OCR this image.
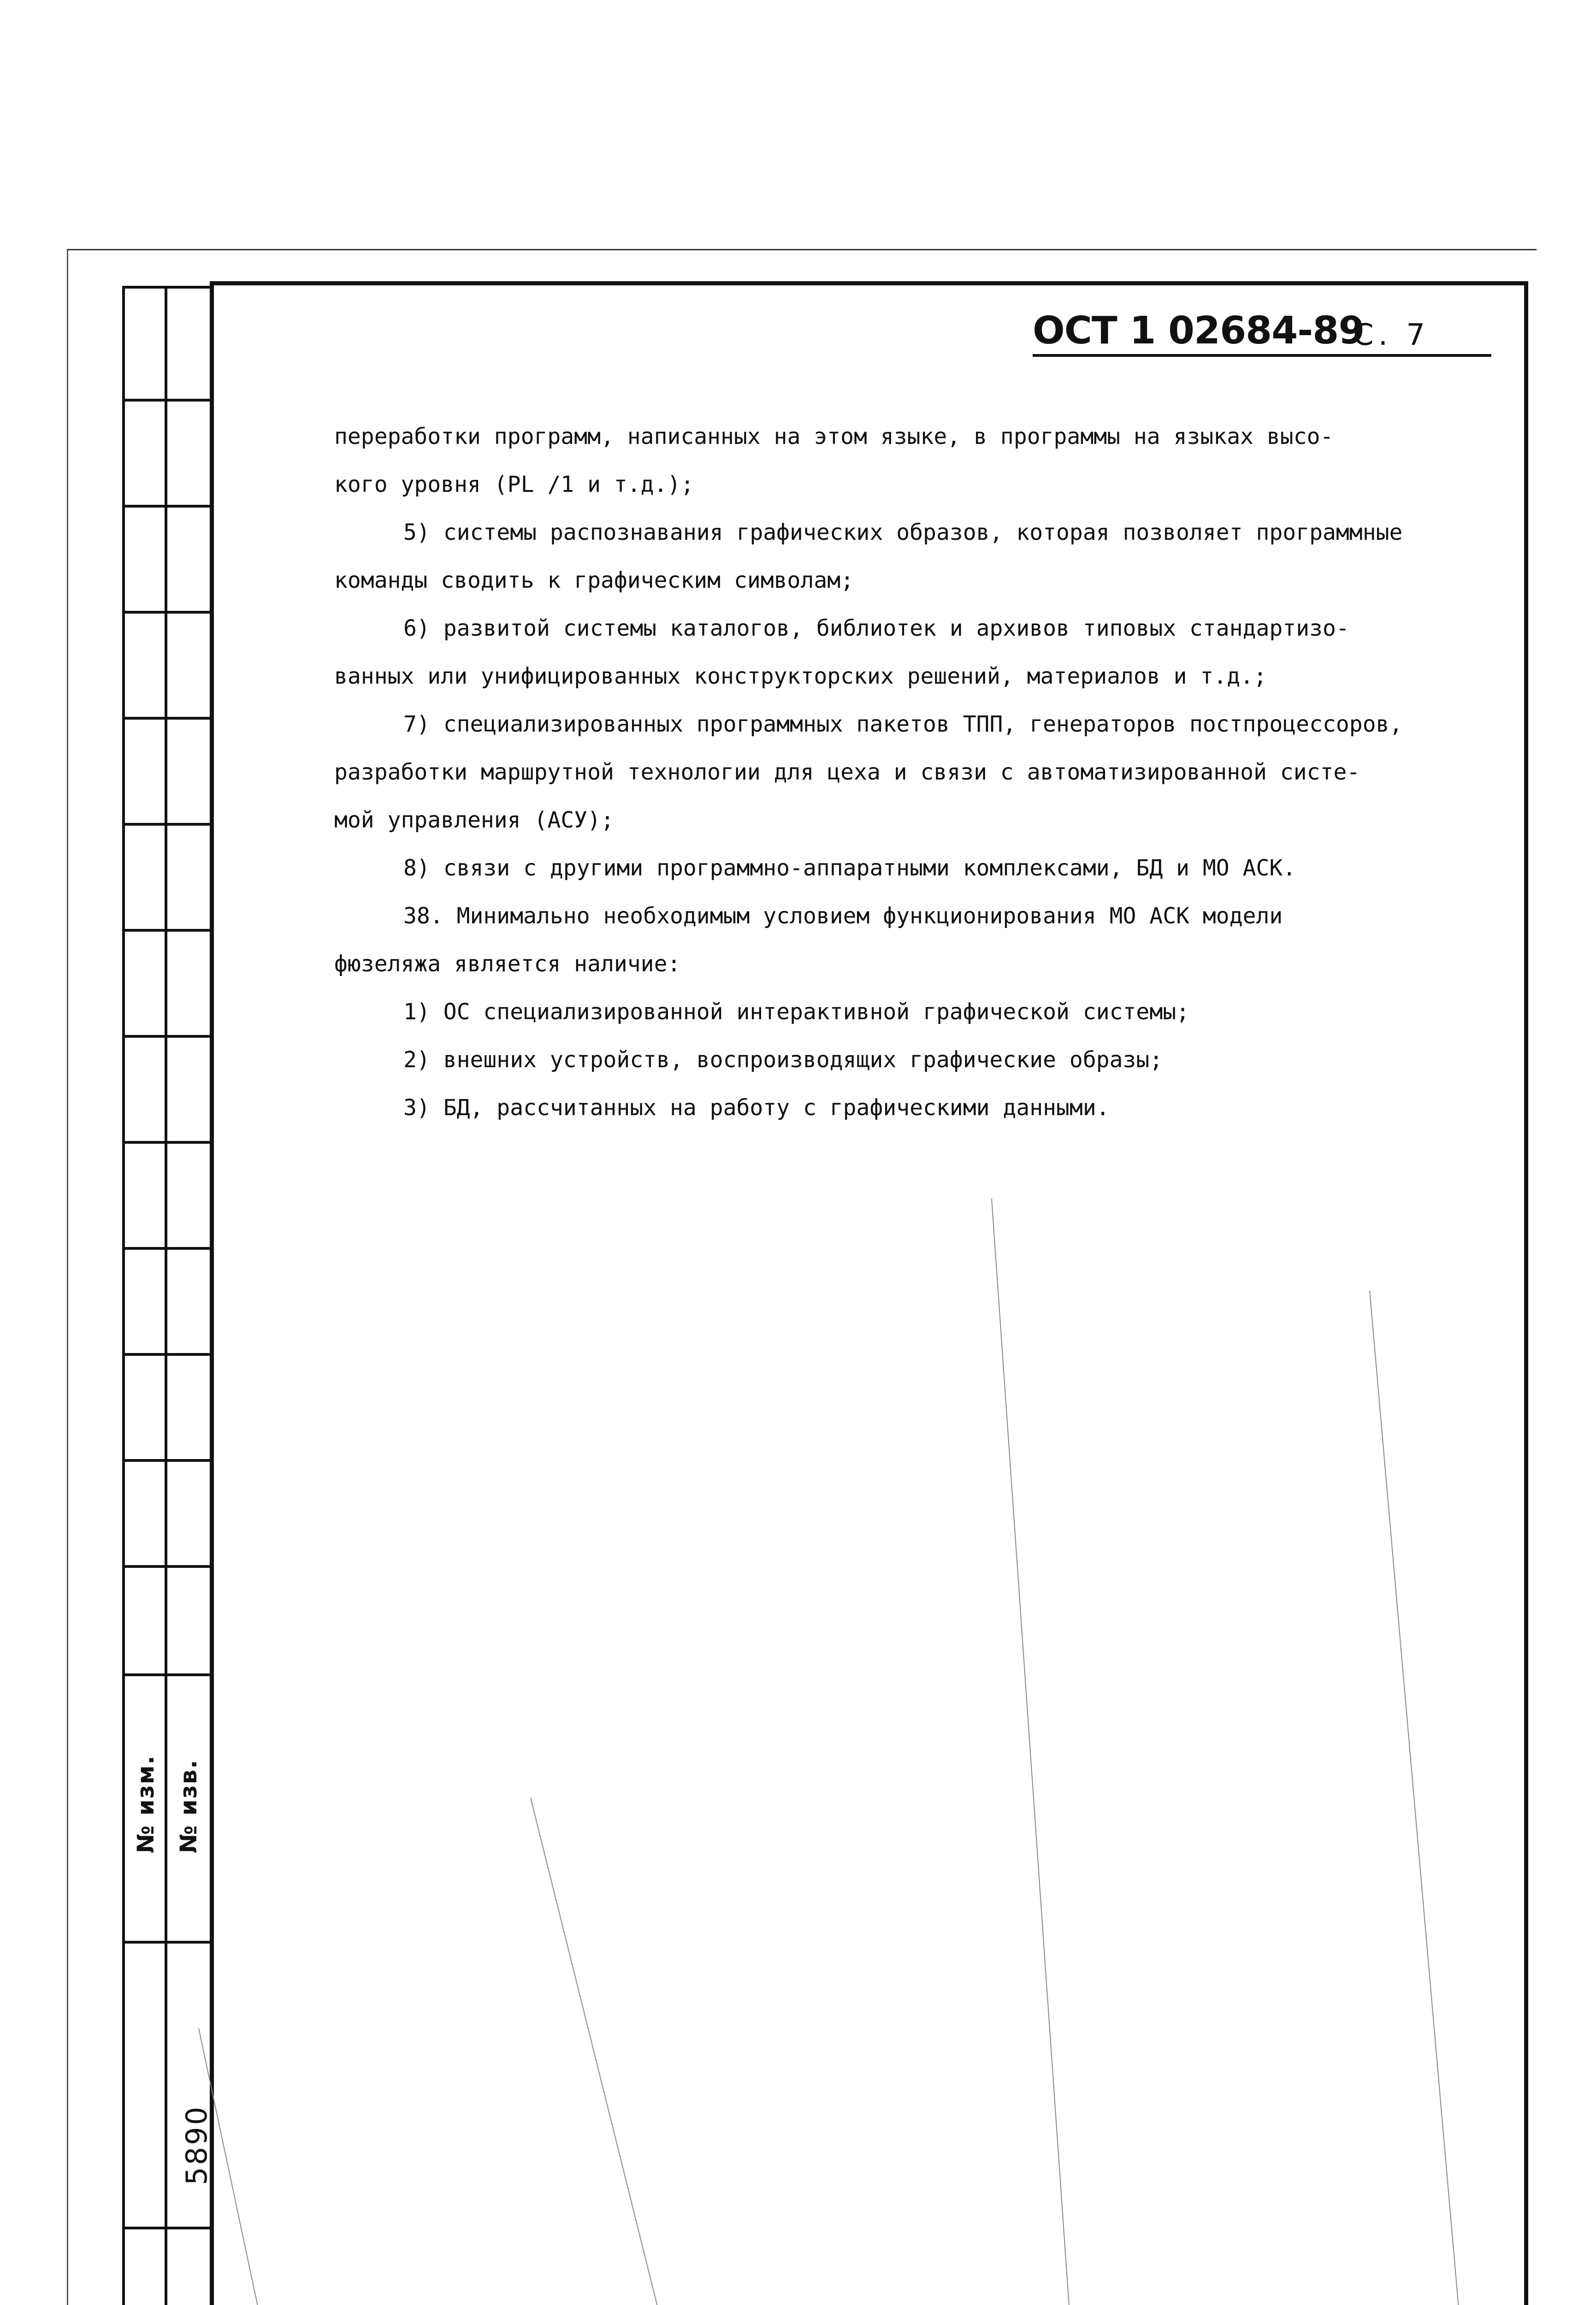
№ изм. № изв.
5890
ОСТ 1 02684-89
С. 7

переработки программ, написанных на этом языке, в программы на языках высо-

кого уровня (PL /1 и т.д.);

5) системы распознавания графических образов, которая позволяет программные

команды сводить к графическим символам;

6) развитой системы каталогов, библиотек и архивов типовых стандартизо-

ванных или унифицированных конструкторских решений, материалов и т.д.;

7) специализированных программных пакетов ТПП, генераторов постпроцессоров,

разработки маршрутной технологии для цеха и связи с автоматизированной систе-

мой управления (АСУ);

8) связи с другими программно-аппаратными комплексами, БД и МО АСК.

38. Минимально необходимым условием функционирования МО АСК модели

фюзеляжа является наличие:

1) ОС специализированной интерактивной графической системы;

2) внешних устройств, воспроизводящих графические образы;

3) БД, рассчитанных на работу с графическими данными.
